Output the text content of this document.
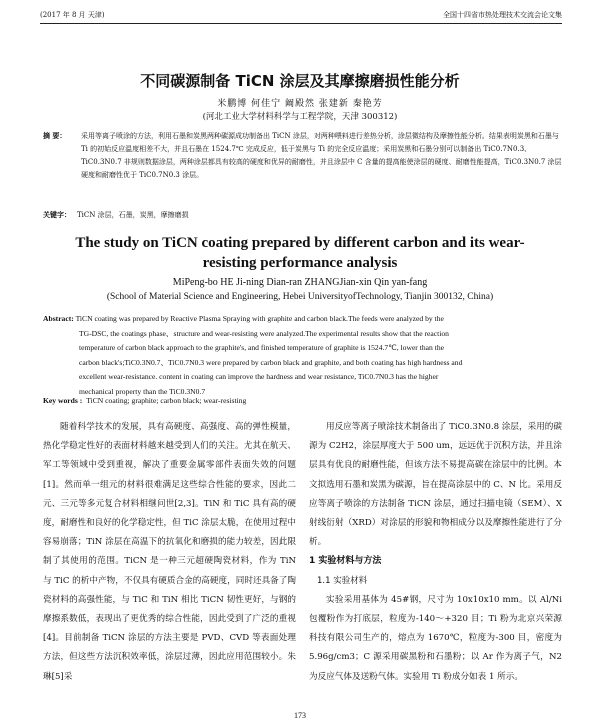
(2017 年 8 月 天津)	全国十四省市热处理技术交流会论文集
不同碳源制备 TiCN 涂层及其摩擦磨损性能分析
米鹏博 何佳宁 阚殿然 张建新 秦艳芳
(河北工业大学材料科学与工程学院，天津 300312)
摘 要： 采用等离子喷涂的方法，利用石墨和炭黑两种碳源成功制备出 TiCN 涂层，对两种喂料进行差热分析，涂层微结构及摩擦性能分析。结果表明炭黑和石墨与 Ti 的初始反应温度相差不大，并且石墨在 1524.7℃ 完成反应，低于炭黑与 Ti 的完全反应温度；采用炭黑和石墨分别可以制备出 TiC0.7N0.3、TiC0.3N0.7 非规则数据涂层，两种涂层都具有较高的硬度和优异的耐磨性，并且涂层中 C 含量的提高能使涂层的硬度、耐磨性能提高，TiC0.3N0.7 涂层硬度和耐磨性优于 TiC0.7N0.3 涂层。
关键字： TiCN 涂层，石墨，炭黑，摩擦磨损
The study on TiCN coating prepared by different carbon and its wear-resisting performance analysis
MiPeng-bo HE Ji-ning Dian-ran ZHANGJian-xin Qin yan-fang
(School of Material Science and Engineering, Hebei UniversityofTechnology, Tianjin 300132, China)
Abstract: TiCN coating was prepared by Reactive Plasma Spraying with graphite and carbon black.The feeds were analyzed by the
TG-DSC, the coatings phase、structure and wear-resisting were analyzed.The experimental results show that the reaction
temperature of carbon black approach to the graphite's, and finished temperature of graphite is 1524.7℃, lower than the
carbon black's;TiC0.3N0.7、TiC0.7N0.3 were prepared by carbon black and graphite, and both coating has high hardness and
excellent wear-resistance. content in coating can improve the hardness and wear resistance, TiC0.7N0.3 has the higher
mechanical property than the TiC0.3N0.7
Key words : TiCN coating; graphite; carbon black; wear-resisting

随着科学技术的发展，具有高硬度、高强度、高的弹性模量，热化学稳定性好的表面材料越来越受到人们的关注。尤其在航天、军工等领域中受到重视，解决了重要金属零部件表面失效的问题[1]。然而单一组元的材料很难满足这些综合性能的要求，因此二元、三元等多元复合材料相继问世[2,3]。TiN 和 TiC 具有高的硬度，耐磨性和良好的化学稳定性，但 TiC 涂层太脆，在使用过程中容易崩落；TiN 涂层在高温下的抗氧化和磨损的能力较差，因此限制了其使用的范围。TiCN 是一种三元超硬陶瓷材料，作为 TiN 与 TiC 的析中产物，不仅具有硬质合金的高硬度，同时还具备了陶瓷材料的高强性能，与 TiC 和 TiN 相比 TiCN 韧性更好，与钢的摩擦系数低，表现出了更优秀的综合性能，因此受到了广泛的重视[4]。目前制备 TiCN 涂层的方法主要是 PVD、CVD 等表面处理方法，但这些方法沉积效率低，涂层过薄，因此应用范围较小。朱琳[5]采

用反应等离子喷涂技术制备出了 TiC0.3N0.8 涂层，采用的碳源为 C2H2，涂层厚度大于 500 um，远远优于沉积方法，并且涂层具有优良的耐磨性能，但该方法不易提高碳在涂层中的比例。本文拟选用石墨和炭黑为碳源，旨在提高涂层中的 C、N 比。采用反应等离子喷涂的方法制备 TiCN 涂层，通过扫描电镜（SEM）、X 射线衍射（XRD）对涂层的形貌和物相成分以及摩擦性能进行了分析。

1 实验材料与方法

1.1 实验材料

实验采用基体为 45#钢，尺寸为 10x10x10 mm。以 Al/Ni 包覆粉作为打底层，粒度为-140～+320 目；Ti 粉为北京兴荣源科技有限公司生产的，熔点为 1670℃，粒度为-300 目，密度为 5.96g/cm3；C 源采用碳黑粉和石墨粉；以 Ar 作为离子气，N2 为反应气体及送粉气体。实验用 Ti 粉成分如表 1 所示。

173
